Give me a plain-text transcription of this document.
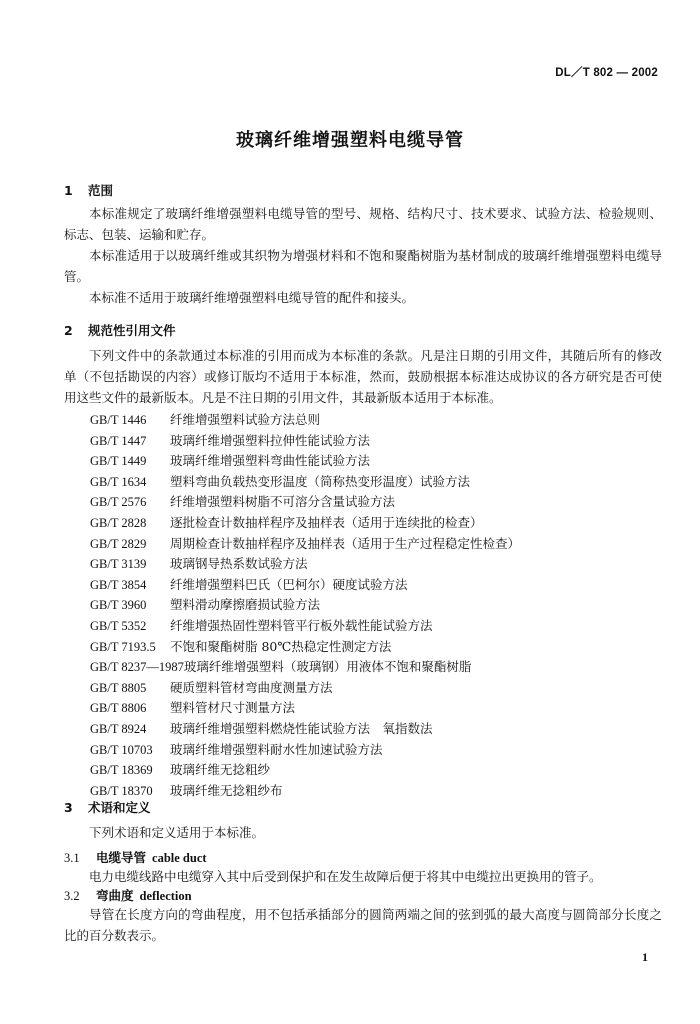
DL／T 802 — 2002
玻璃纤维增强塑料电缆导管
1 范围
本标准规定了玻璃纤维增强塑料电缆导管的型号、规格、结构尺寸、技术要求、试验方法、检验规则、标志、包装、运输和贮存。
本标准适用于以玻璃纤维或其织物为增强材料和不饱和聚酯树脂为基材制成的玻璃纤维增强塑料电缆导管。
本标准不适用于玻璃纤维增强塑料电缆导管的配件和接头。
2 规范性引用文件
下列文件中的条款通过本标准的引用而成为本标准的条款。凡是注日期的引用文件，其随后所有的修改单（不包括勘误的内容）或修订版均不适用于本标准，然而，鼓励根据本标准达成协议的各方研究是否可使用这些文件的最新版本。凡是不注日期的引用文件，其最新版本适用于本标准。
GB/T 1446 纤维增强塑料试验方法总则
GB/T 1447 玻璃纤维增强塑料拉伸性能试验方法
GB/T 1449 玻璃纤维增强塑料弯曲性能试验方法
GB/T 1634 塑料弯曲负载热变形温度（简称热变形温度）试验方法
GB/T 2576 纤维增强塑料树脂不可溶分含量试验方法
GB/T 2828 逐批检查计数抽样程序及抽样表（适用于连续批的检查）
GB/T 2829 周期检查计数抽样程序及抽样表（适用于生产过程稳定性检查）
GB/T 3139 玻璃钢导热系数试验方法
GB/T 3854 纤维增强塑料巴氏（巴柯尔）硬度试验方法
GB/T 3960 塑料滑动摩擦磨损试验方法
GB/T 5352 纤维增强热固性塑料管平行板外载性能试验方法
GB/T 7193.5 不饱和聚酯树脂 80℃热稳定性测定方法
GB/T 8237—1987玻璃纤维增强塑料（玻璃钢）用液体不饱和聚酯树脂
GB/T 8805 硬质塑料管材弯曲度测量方法
GB/T 8806 塑料管材尺寸测量方法
GB/T 8924 玻璃纤维增强塑料燃烧性能试验方法　氧指数法
GB/T 10703 玻璃纤维增强塑料耐水性加速试验方法
GB/T 18369 玻璃纤维无捻粗纱
GB/T 18370 玻璃纤维无捻粗纱布
3 术语和定义
下列术语和定义适用于本标准。
3.1 电缆导管 cable duct
电力电缆线路中电缆穿入其中后受到保护和在发生故障后便于将其中电缆拉出更换用的管子。
3.2 弯曲度 deflection
导管在长度方向的弯曲程度，用不包括承插部分的圆筒两端之间的弦到弧的最大高度与圆筒部分长度之比的百分数表示。
1
